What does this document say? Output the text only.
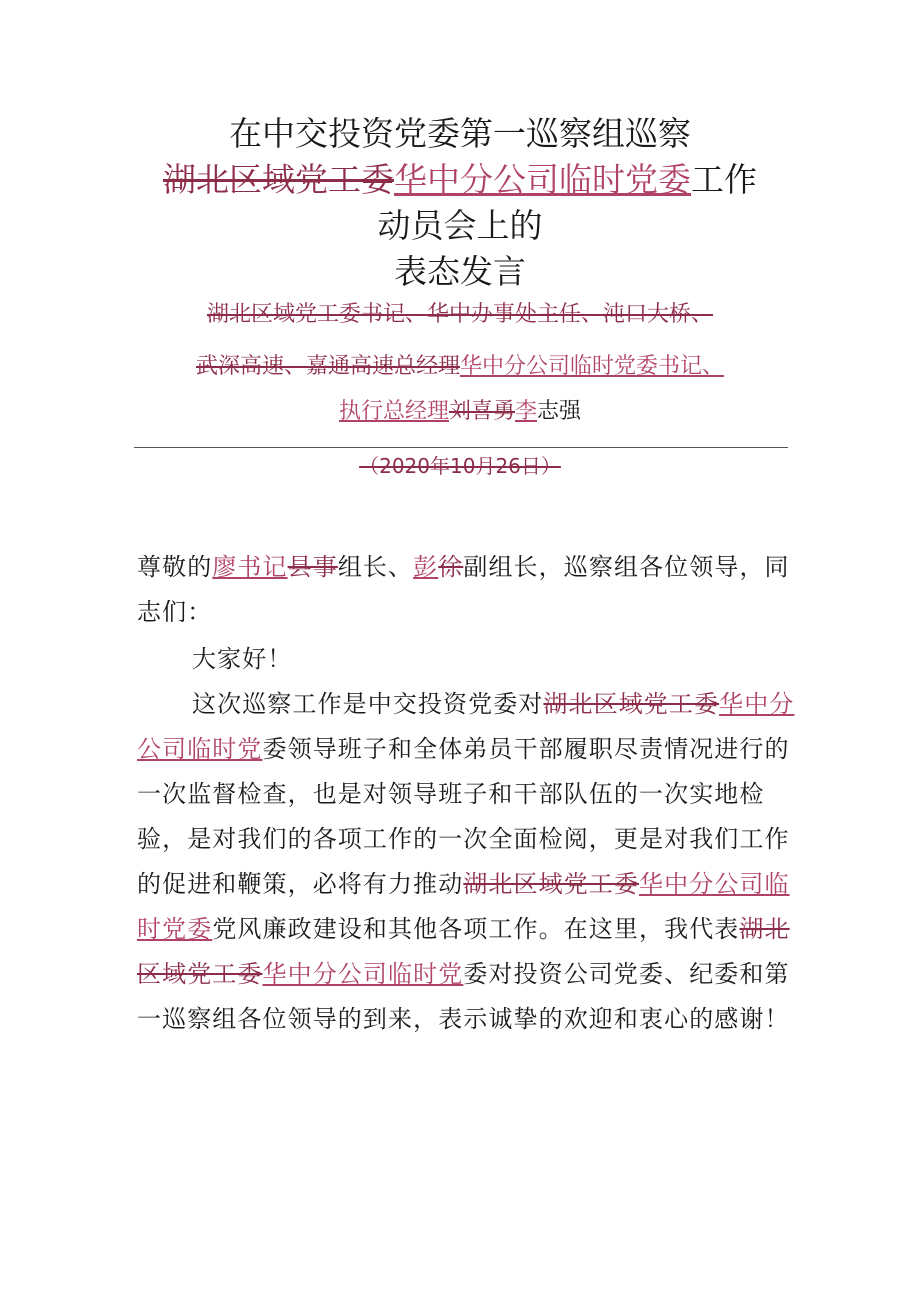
在中交投资党委第一巡察组巡察
湖北区域党工委华中分公司临时党委工作
动员会上的
表态发言
湖北区域党工委书记、华中办事处主任、沌口大桥、
武深高速、嘉通高速总经理华中分公司临时党委书记、
执行总经理刘喜勇李志强
（2020年10月26日）

尊敬的廖书记县事组长、彭徐副组长，巡察组各位领导，同志们：

大家好！

这次巡察工作是中交投资党委对湖北区域党工委华中分公司临时党委领导班子和全体弟员干部履职尽责情况进行的一次监督检查，也是对领导班子和干部队伍的一次实地检验，是对我们的各项工作的一次全面检阅，更是对我们工作的促进和鞭策，必将有力推动湖北区域党工委华中分公司临时党委党风廉政建设和其他各项工作。在这里，我代表湖北区域党工委华中分公司临时党委对投资公司党委、纪委和第一巡察组各位领导的到来，表示诚挚的欢迎和衷心的感谢！
